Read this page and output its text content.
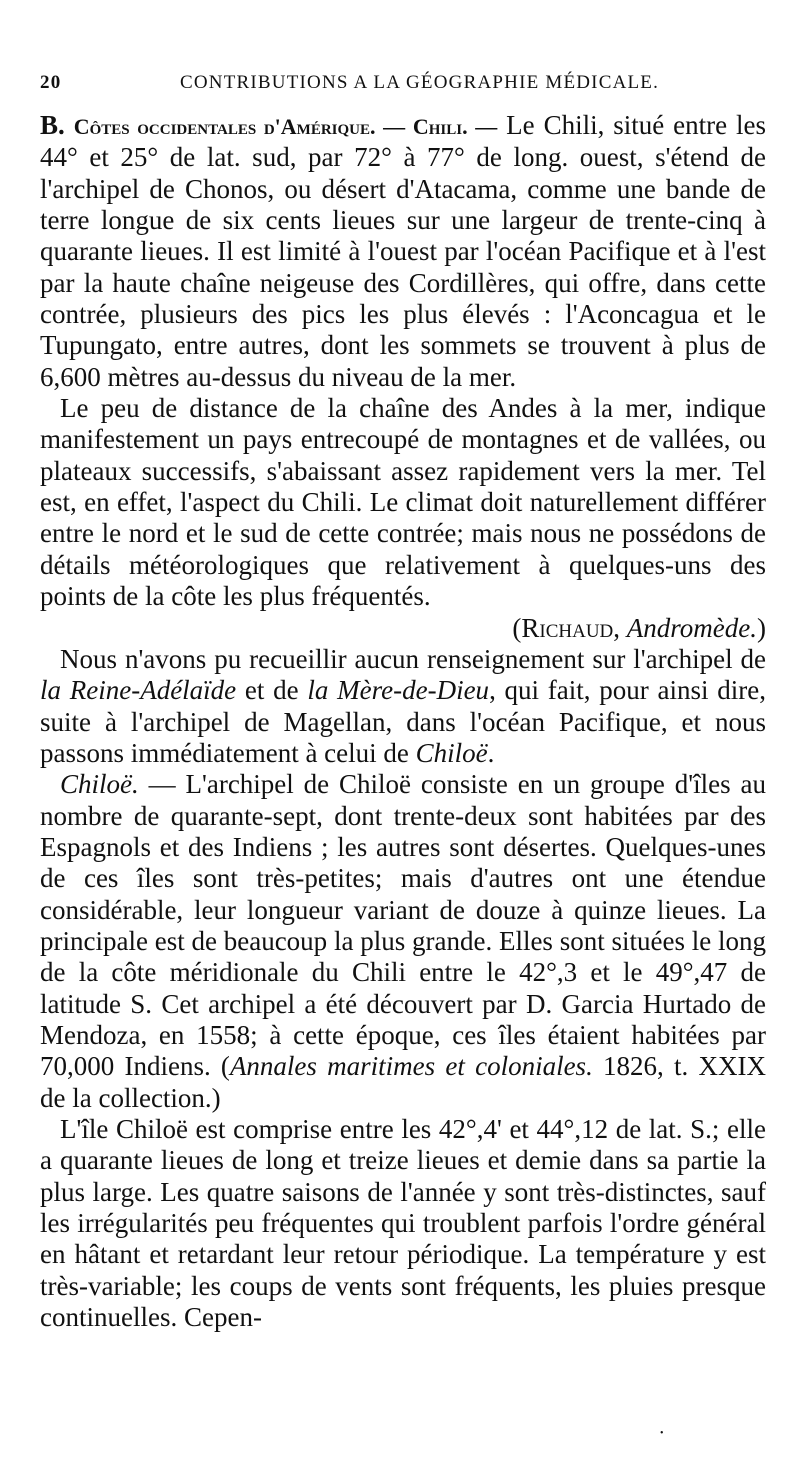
20	CONTRIBUTIONS A LA GÉOGRAPHIE MÉDICALE.

B. Côtes occidentales d'Amérique. — Chili. — Le Chili, situé entre les 44° et 25° de lat. sud, par 72° à 77° de long. ouest, s'étend de l'archipel de Chonos, ou désert d'Atacama, comme une bande de terre longue de six cents lieues sur une largeur de trente-cinq à quarante lieues. Il est limité à l'ouest par l'océan Pacifique et à l'est par la haute chaîne neigeuse des Cordillères, qui offre, dans cette contrée, plusieurs des pics les plus élevés : l'Aconcagua et le Tupungato, entre autres, dont les sommets se trouvent à plus de 6,600 mètres au-dessus du niveau de la mer.

Le peu de distance de la chaîne des Andes à la mer, indique manifestement un pays entrecoupé de montagnes et de vallées, ou plateaux successifs, s'abaissant assez rapidement vers la mer. Tel est, en effet, l'aspect du Chili. Le climat doit naturellement différer entre le nord et le sud de cette contrée; mais nous ne possédons de détails météorologiques que relativement à quelques-uns des points de la côte les plus fréquentés.

(Richaud, Andromède.)

Nous n'avons pu recueillir aucun renseignement sur l'archipel de la Reine-Adélaïde et de la Mère-de-Dieu, qui fait, pour ainsi dire, suite à l'archipel de Magellan, dans l'océan Pacifique, et nous passons immédiatement à celui de Chiloë.

Chiloë. — L'archipel de Chiloë consiste en un groupe d'îles au nombre de quarante-sept, dont trente-deux sont habitées par des Espagnols et des Indiens ; les autres sont désertes. Quelques-unes de ces îles sont très-petites; mais d'autres ont une étendue considérable, leur longueur variant de douze à quinze lieues. La principale est de beaucoup la plus grande. Elles sont situées le long de la côte méridionale du Chili entre le 42°,3 et le 49°,47 de latitude S. Cet archipel a été découvert par D. Garcia Hurtado de Mendoza, en 1558; à cette époque, ces îles étaient habitées par 70,000 Indiens. (Annales maritimes et coloniales. 1826, t. XXIX de la collection.)

L'île Chiloë est comprise entre les 42°,4' et 44°,12 de lat. S.; elle a quarante lieues de long et treize lieues et demie dans sa partie la plus large. Les quatre saisons de l'année y sont très-distinctes, sauf les irrégularités peu fréquentes qui troublent parfois l'ordre général en hâtant et retardant leur retour périodique. La température y est très-variable; les coups de vents sont fréquents, les pluies presque continuelles. Cepen-

•
